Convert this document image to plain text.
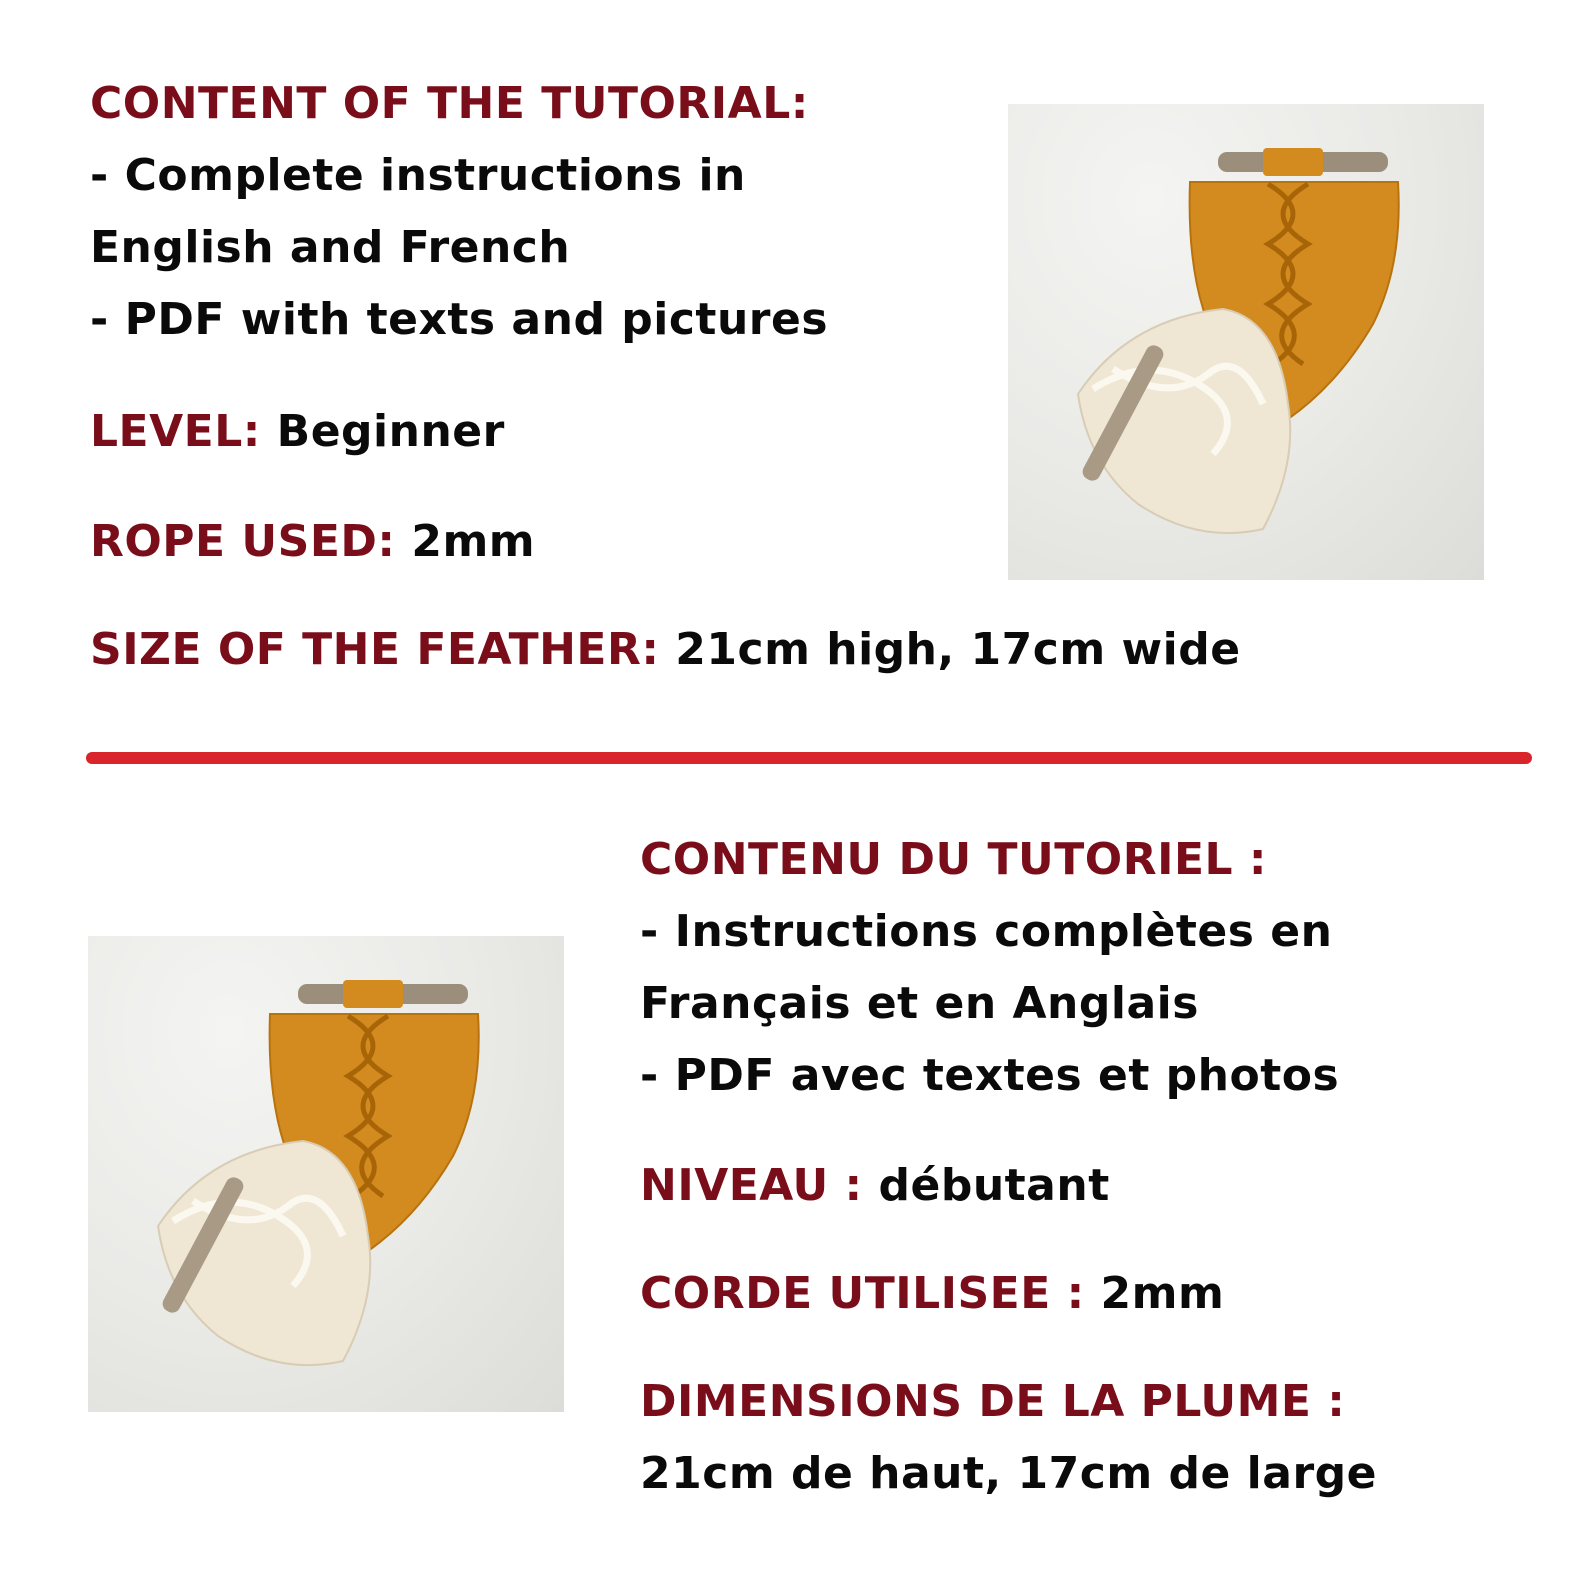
CONTENT OF THE TUTORIAL:
- Complete instructions in
English and French
- PDF with texts and pictures
LEVEL: Beginner
ROPE USED: 2mm
SIZE OF THE FEATHER: 21cm high, 17cm wide
CONTENU DU TUTORIEL :
- Instructions complètes en
Français et en Anglais
- PDF avec textes et photos
NIVEAU : débutant
CORDE UTILISEE : 2mm
DIMENSIONS DE LA PLUME :
21cm de haut, 17cm de large
